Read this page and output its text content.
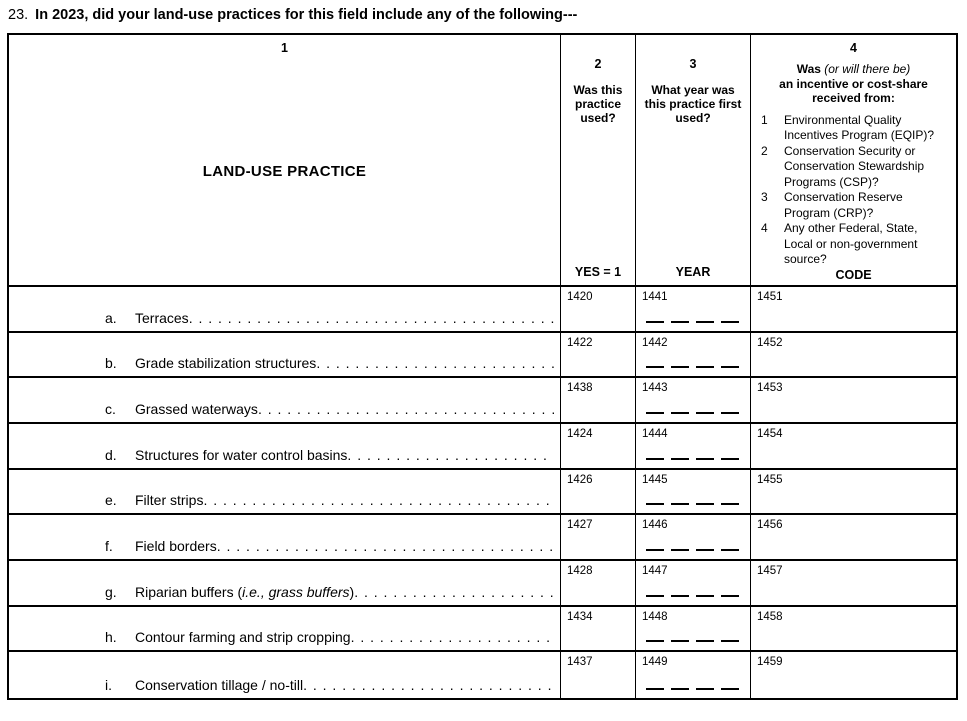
23. In 2023, did your land-use practices for this field include any of the following---
1
LAND-USE PRACTICE
2
Was this practice used?
YES = 1
3
What year was this practice first used?
YEAR
4
Was (or will there be)
an incentive or cost-share
received from:
1	Environmental Quality Incentives Program (EQIP)?
2	Conservation Security or Conservation Stewardship Programs (CSP)?
3	Conservation Reserve Program (CRP)?
4	Any other Federal, State, Local or non-government source?
CODE
a.	Terraces
. . .
1420	1441	1451
b.	Grade stabilization structures
. . .
1422	1442	1452
c.	Grassed waterways
. . .
1438	1443	1453
d.	Structures for water control basins
. . .
1424	1444	1454
e.	Filter strips
. . .
1426	1445	1455
f.	Field borders
. . .
1427	1446	1456
g.	Riparian buffers (i.e., grass buffers)
. . .
1428	1447	1457
h.	Contour farming and strip cropping
. . .
1434	1448	1458
i.	Conservation tillage / no-till
. . .
1437	1449	1459
